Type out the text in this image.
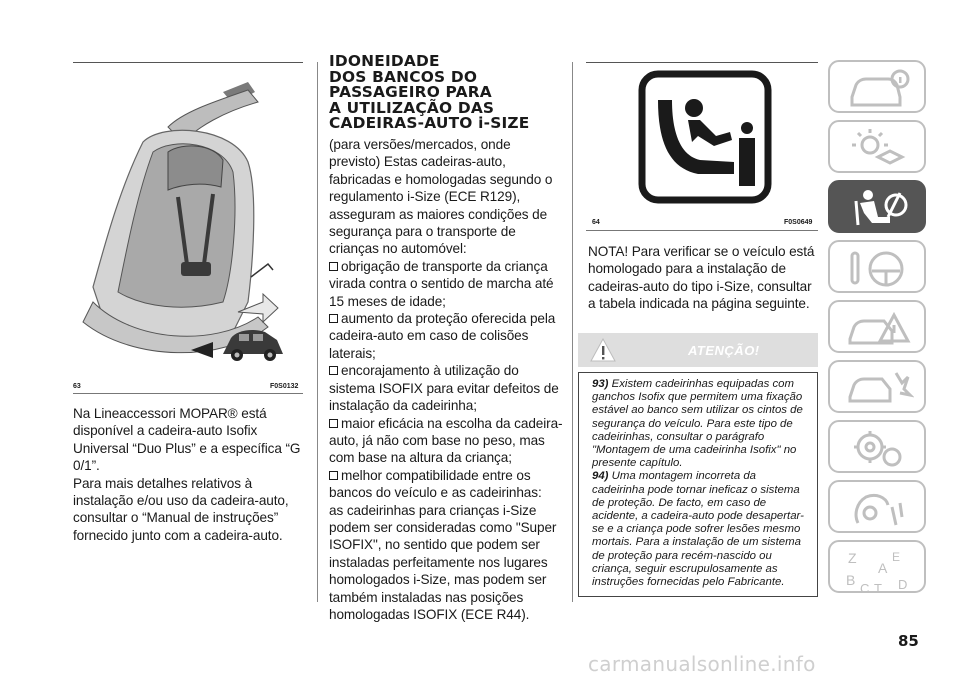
63	F0S0132

Na Lineaccessori MOPAR® está disponível a cadeira-auto Isofix Universal “Duo Plus” e a específica “G 0/1”.

Para mais detalhes relativos à instalação e/ou uso da cadeira-auto, consultar o “Manual de instruções” fornecido junto com a cadeira-auto.

IDONEIDADE
DOS BANCOS DO
PASSAGEIRO PARA
A UTILIZAÇÃO DAS
CADEIRAS-AUTO i-SIZE

(para versões/mercados, onde previsto) Estas cadeiras-auto, fabricadas e homologadas segundo o regulamento i-Size (ECE R129), asseguram as maiores condições de segurança para o transporte de crianças no automóvel:

obrigação de transporte da criança virada contra o sentido de marcha até 15 meses de idade;

aumento da proteção oferecida pela cadeira-auto em caso de colisões laterais;

encorajamento à utilização do sistema ISOFIX para evitar defeitos de instalação da cadeirinha;

maior eficácia na escolha da cadeira-auto, já não com base no peso, mas com base na altura da criança;

melhor compatibilidade entre os bancos do veículo e as cadeirinhas:

as cadeirinhas para crianças i-Size podem ser consideradas como "Super ISOFIX", no sentido que podem ser instaladas perfeitamente nos lugares homologados i-Size, mas podem ser também instaladas nas posições homologadas ISOFIX (ECE R44).

64	F0S0649
NOTA! Para verificar se o veículo está homologado para a instalação de cadeiras-auto do tipo i-Size, consultar a tabela indicada na página seguinte.
ATENÇÃO!

93) Existem cadeirinhas equipadas com ganchos Isofix que permitem uma fixação estável ao banco sem utilizar os cintos de segurança do veículo. Para este tipo de cadeirinhas, consultar o parágrafo "Montagem de uma cadeirinha Isofix" no presente capítulo.

94) Uma montagem incorreta da cadeirinha pode tornar ineficaz o sistema de proteção. De facto, em caso de acidente, a cadeira-auto pode desapertar-se e a criança pode sofrer lesões mesmo mortais. Para a instalação de um sistema de proteção para recém-nascido ou criança, seguir escrupulosamente as instruções fornecidas pelo Fabricante.

Z	E
A
B
C T D
85
carmanualsonline.info
